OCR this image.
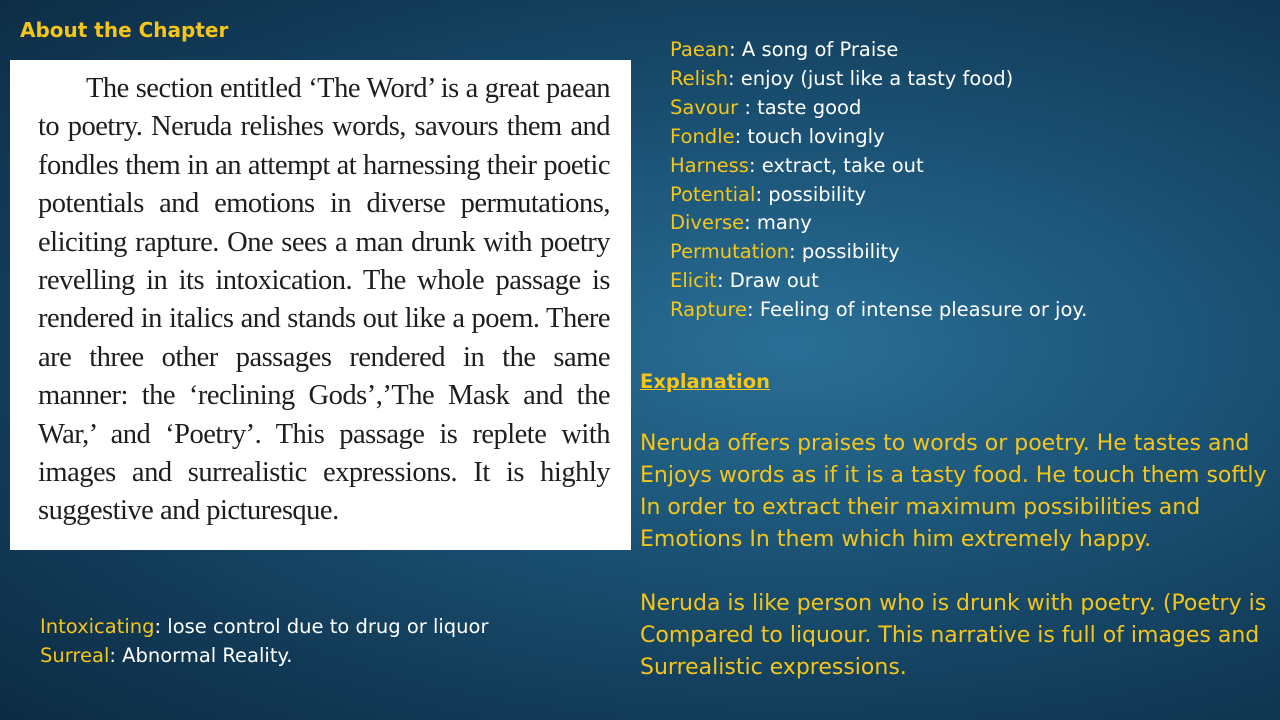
About the Chapter

The section entitled ‘The Word’ is a great paean to poetry. Neruda relishes words, savours them and fondles them in an attempt at harnessing their poetic potentials and emotions in diverse permutations, eliciting rapture. One sees a man drunk with poetry revelling in its intoxication. The whole passage is rendered in italics and stands out like a poem. There are three other passages rendered in the same manner: the ‘reclining Gods’,’The Mask and the War,’ and ‘Poetry’. This passage is replete with images and surrealistic expressions. It is highly suggestive and picturesque.

Paean: A song of Praise
Relish: enjoy (just like a tasty food)
Savour : taste good
Fondle: touch lovingly
Harness: extract, take out
Potential: possibility
Diverse: many
Permutation: possibility
Elicit: Draw out
Rapture: Feeling of intense pleasure or joy.
Explanation

Neruda offers praises to words or poetry. He tastes and
Enjoys words as if it is a tasty food. He touch them softly
In order to extract their maximum possibilities and
Emotions In them which him extremely happy.

Neruda is like person who is drunk with poetry. (Poetry is
Compared to liquour. This narrative is full of images and
Surrealistic expressions.

Intoxicating: lose control due to drug or liquor
Surreal: Abnormal Reality.
